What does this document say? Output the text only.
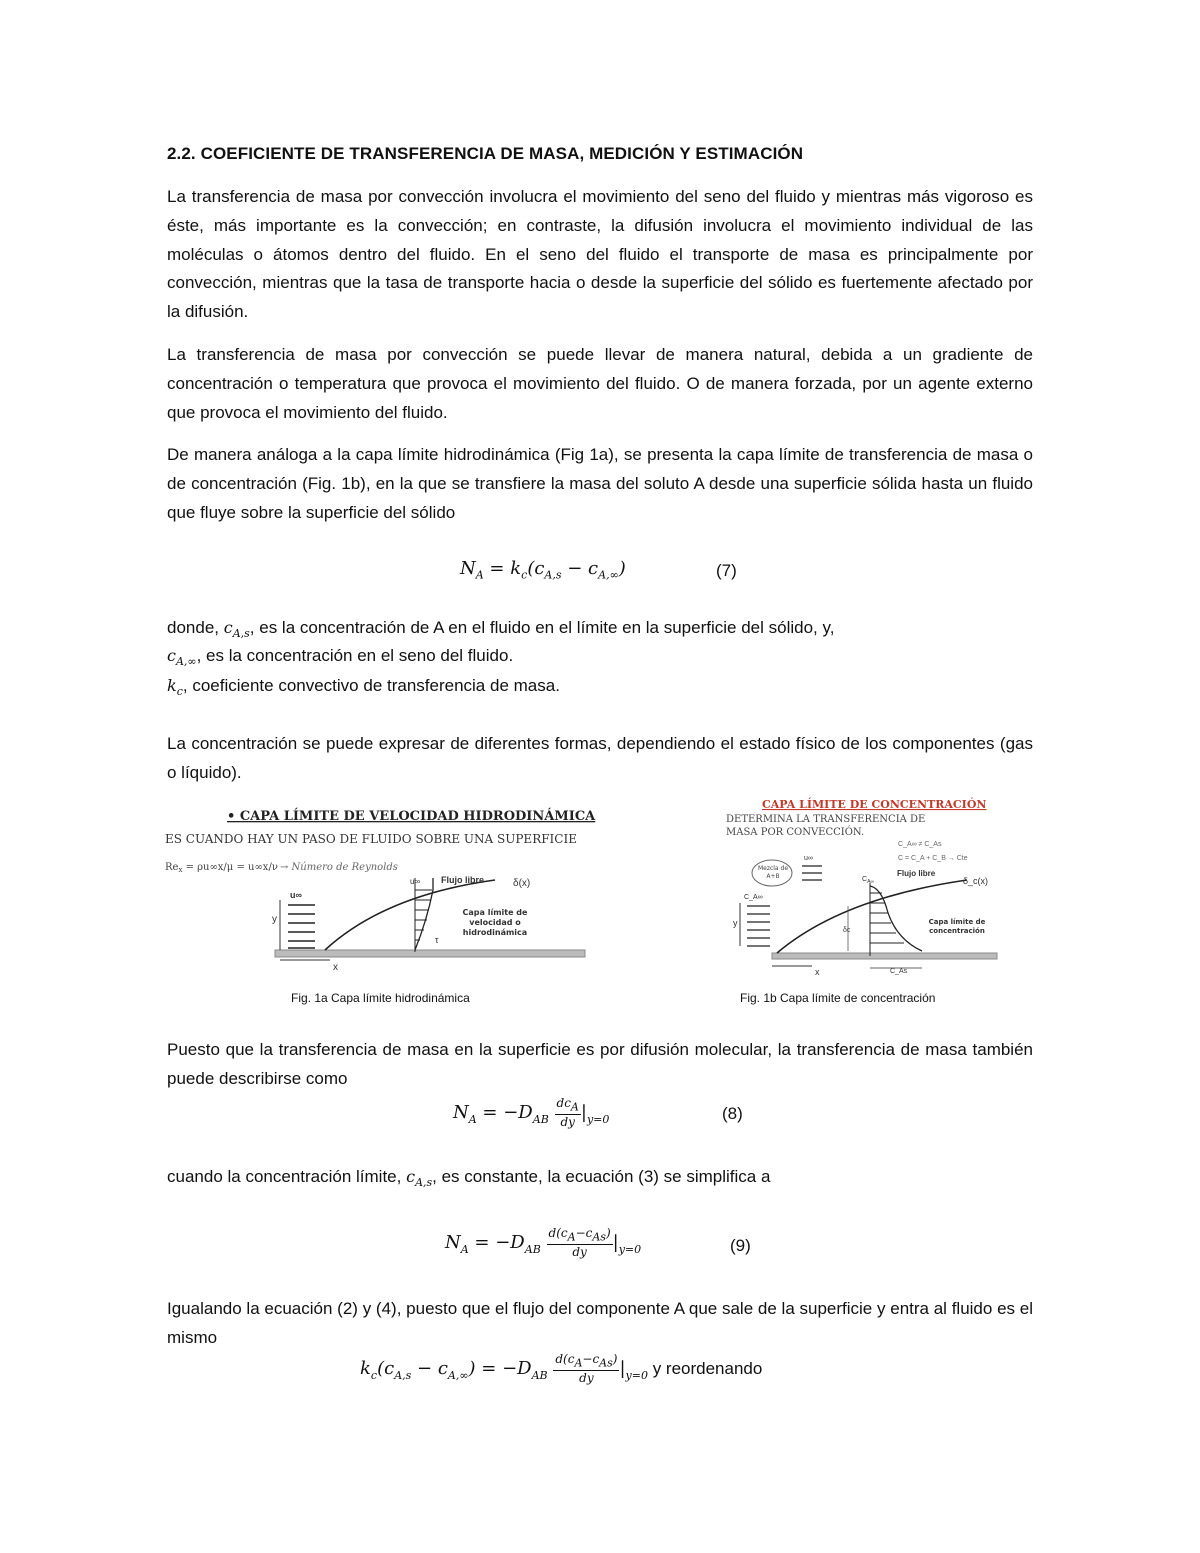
2.2. COEFICIENTE DE TRANSFERENCIA DE MASA, MEDICIÓN Y ESTIMACIÓN
La transferencia de masa por convección involucra el movimiento del seno del fluido y mientras más vigoroso es éste, más importante es la convección; en contraste, la difusión involucra el movimiento individual de las moléculas o átomos dentro del fluido. En el seno del fluido el transporte de masa es principalmente por convección, mientras que la tasa de transporte hacia o desde la superficie del sólido es fuertemente afectado por la difusión.
La transferencia de masa por convección se puede llevar de manera natural, debida a un gradiente de concentración o temperatura que provoca el movimiento del fluido. O de manera forzada, por un agente externo que provoca el movimiento del fluido.
De manera análoga a la capa límite hidrodinámica (Fig 1a), se presenta la capa límite de transferencia de masa o de concentración (Fig. 1b), en la que se transfiere la masa del soluto A desde una superficie sólida hasta un fluido que fluye sobre la superficie del sólido
$N_A = k_c(c_{A,s} - c_{A,\infty})$	(7)
donde, $c_{A,s}$, es la concentración de A en el fluido en el límite en la superficie del sólido, y,
$c_{A,\infty}$, es la concentración en el seno del fluido.
$k_c$, coeficiente convectivo de transferencia de masa.
La concentración se puede expresar de diferentes formas, dependiendo el estado físico de los componentes (gas o líquido).
• CAPA LÍMITE DE VELOCIDAD HIDRODINÁMICA
ES CUANDO HAY UN PASO DE FLUIDO SOBRE UNA SUPERFICIE
$Re_x = \rho u\infty x/\mu = u\infty x/\nu$ → Número de Reynolds
y
x
u∞
u∞ Flujo libre	δ(x)
τ
Capa límite de velocidad o hidrodinámica
Fig. 1a Capa límite hidrodinámica
CAPA LÍMITE DE CONCENTRACIÓN
DETERMINA LA TRANSFERENCIA DE
MASA POR CONVECCIÓN.
C_A∞ ≠ C_As
C = C_A + C_B → Cte
Mezcla de A+B
C_A∞
u∞
y
x
δc
$C_{A\infty}$
Flujo libre
δ_c(x)
Capa límite de concentración
C_As
Fig. 1b Capa límite de concentración
Puesto que la transferencia de masa en la superficie es por difusión molecular, la transferencia de masa también puede describirse como
$N_A = -D_{AB} \frac{dc_A}{dy} |_{y=0}$	(8)
cuando la concentración límite, $c_{A,s}$, es constante, la ecuación (3) se simplifica a
$N_A = -D_{AB} \frac{d(c_A-c_{As})}{dy} |_{y=0}$	(9)
Igualando la ecuación (2) y (4), puesto que el flujo del componente A que sale de la superficie y entra al fluido es el mismo
$k_c(c_{A,s} - c_{A,\infty}) = -D_{AB} \frac{d(c_A-c_{As})}{dy} |_{y=0}$ y reordenando
